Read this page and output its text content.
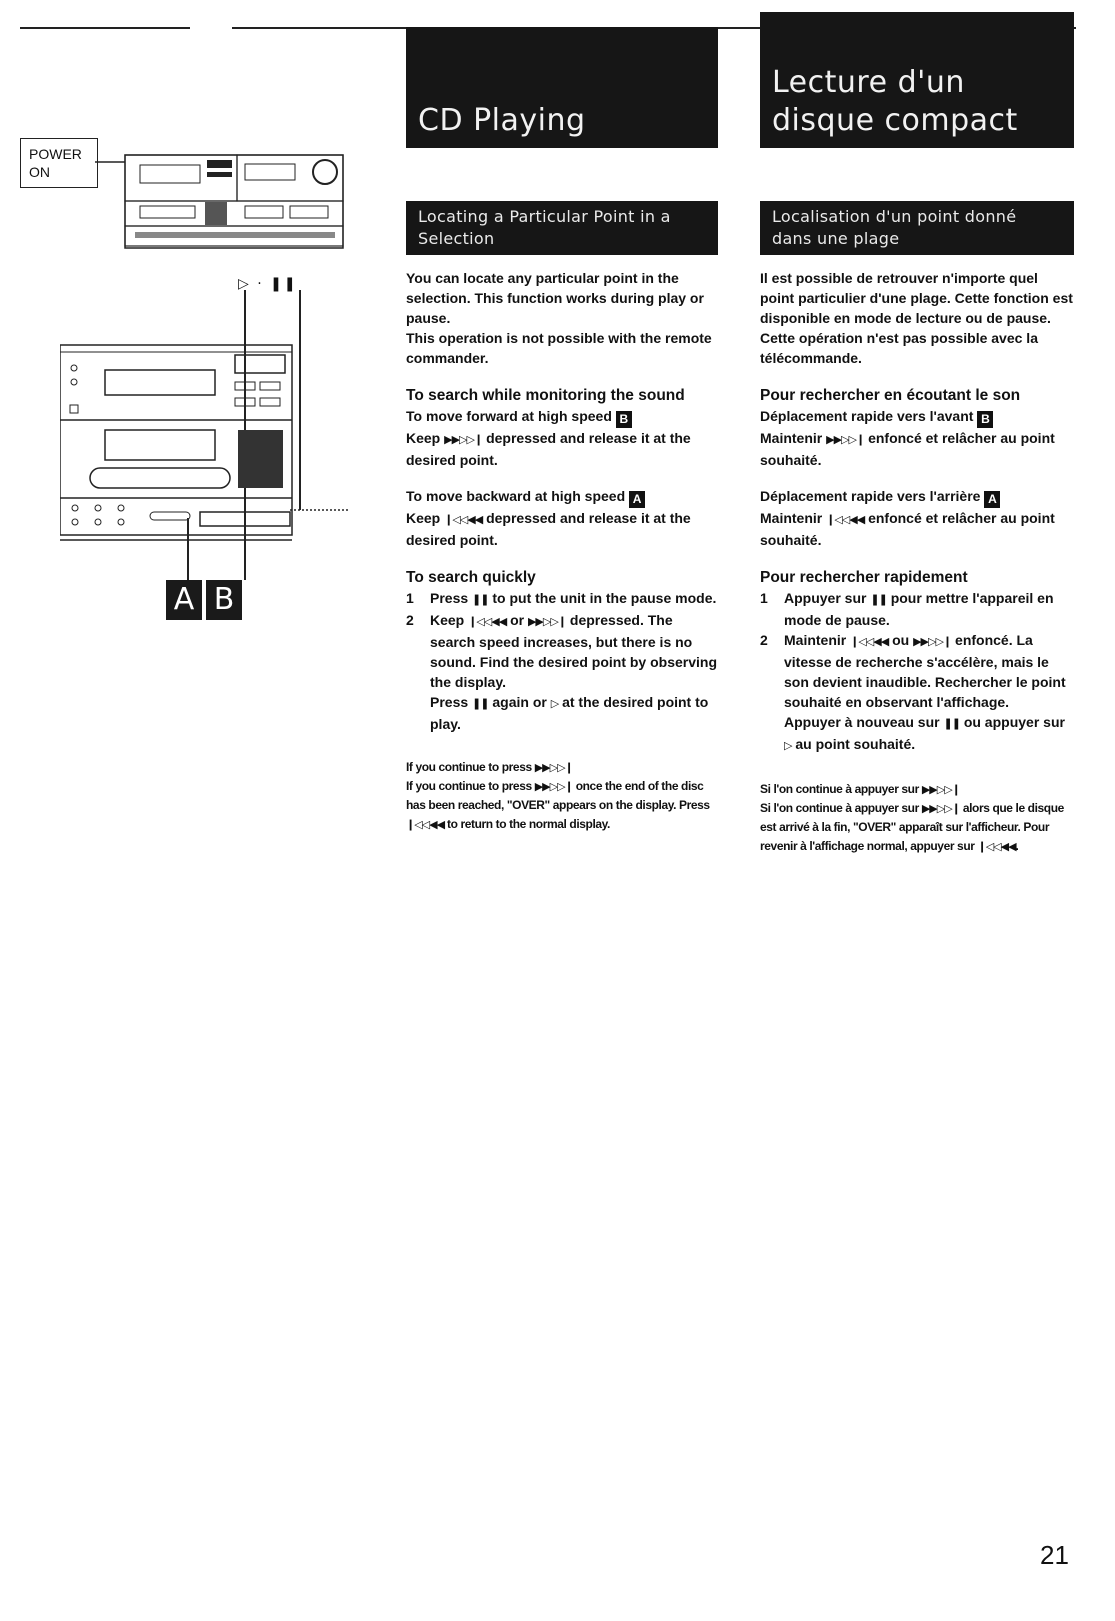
CD Playing
Lecture d'un
disque compact
POWER
ON
▷ · ❚❚
A B
Locating a Particular Point in a
Selection
Localisation d'un point donné
dans une plage

You can locate any particular point in the selection. This function works during play or pause.

This operation is not possible with the remote commander.

To search while monitoring the sound

To move forward at high speed B

Keep ▶▶▷▷❙ depressed and release it at the desired point.

To move backward at high speed A

Keep ❙◁◁◀◀ depressed and release it at the desired point.

To search quickly

1	Press ❚❚ to put the unit in the pause mode.
2	Keep ❙◁◁◀◀ or ▶▶▷▷❙ depressed. The search speed increases, but there is no sound. Find the desired point by observing the display.
Press ❚❚ again or ▷ at the desired point to play.

If you continue to press ▶▶▷▷❙

If you continue to press ▶▶▷▷❙ once the end of the disc has been reached, "OVER" appears on the display. Press ❙◁◁◀◀ to return to the normal display.

Il est possible de retrouver n'importe quel point particulier d'une plage. Cette fonction est disponible en mode de lecture ou de pause.

Cette opération n'est pas possible avec la télécommande.

Pour rechercher en écoutant le son

Déplacement rapide vers l'avant B

Maintenir ▶▶▷▷❙ enfoncé et relâcher au point souhaité.

Déplacement rapide vers l'arrière A

Maintenir ❙◁◁◀◀ enfoncé et relâcher au point souhaité.

Pour rechercher rapidement

1	Appuyer sur ❚❚ pour mettre l'appareil en mode de pause.
2	Maintenir ❙◁◁◀◀ ou ▶▶▷▷❙ enfoncé. La vitesse de recherche s'accélère, mais le son devient inaudible. Rechercher le point souhaité en observant l'affichage.
Appuyer à nouveau sur ❚❚ ou appuyer sur ▷ au point souhaité.

Si l'on continue à appuyer sur ▶▶▷▷❙

Si l'on continue à appuyer sur ▶▶▷▷❙ alors que le disque est arrivé à la fin, "OVER" apparaît sur l'afficheur. Pour revenir à l'affichage normal, appuyer sur ❙◁◁◀◀.

21
